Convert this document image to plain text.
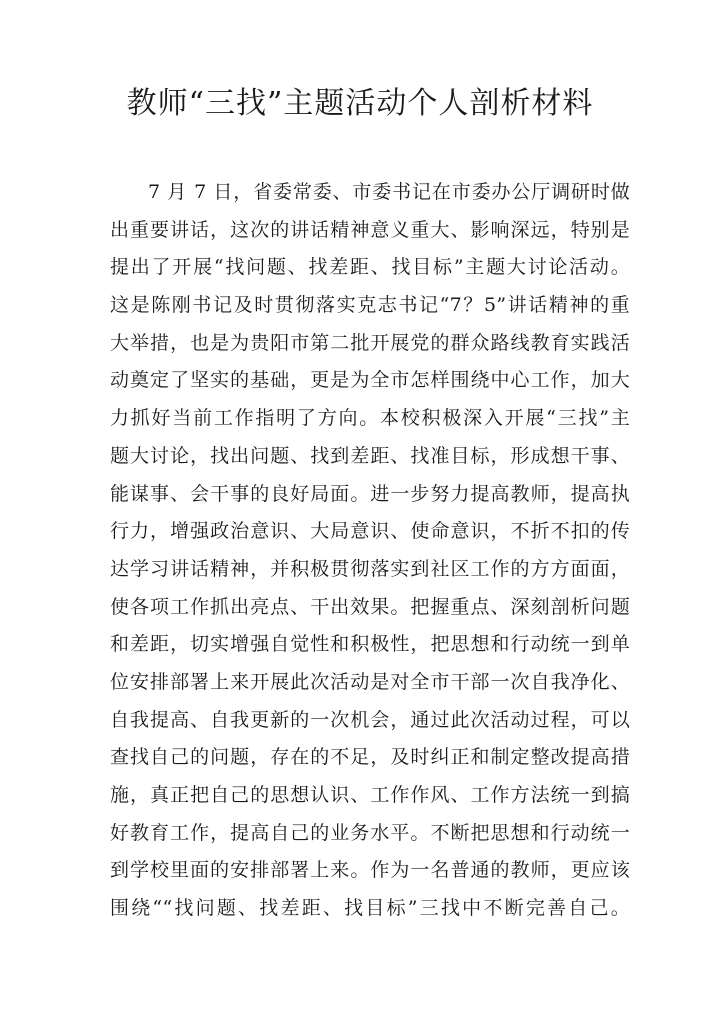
教师“三找”主题活动个人剖析材料
7 月 7 日，省委常委、市委书记在市委办公厅调研时做
出重要讲话，这次的讲话精神意义重大、影响深远，特别是
提出了开展“找问题、找差距、找目标”主题大讨论活动。
这是陈刚书记及时贯彻落实克志书记“7？5”讲话精神的重
大举措，也是为贵阳市第二批开展党的群众路线教育实践活
动奠定了坚实的基础，更是为全市怎样围绕中心工作，加大
力抓好当前工作指明了方向。本校积极深入开展“三找”主
题大讨论，找出问题、找到差距、找准目标，形成想干事、
能谋事、会干事的良好局面。进一步努力提高教师，提高执
行力，增强政治意识、大局意识、使命意识，不折不扣的传
达学习讲话精神，并积极贯彻落实到社区工作的方方面面，
使各项工作抓出亮点、干出效果。把握重点、深刻剖析问题
和差距，切实增强自觉性和积极性，把思想和行动统一到单
位安排部署上来开展此次活动是对全市干部一次自我净化、
自我提高、自我更新的一次机会，通过此次活动过程，可以
查找自己的问题，存在的不足，及时纠正和制定整改提高措
施，真正把自己的思想认识、工作作风、工作方法统一到搞
好教育工作，提高自己的业务水平。不断把思想和行动统一
到学校里面的安排部署上来。作为一名普通的教师，更应该
围绕““找问题、找差距、找目标”三找中不断完善自己。
